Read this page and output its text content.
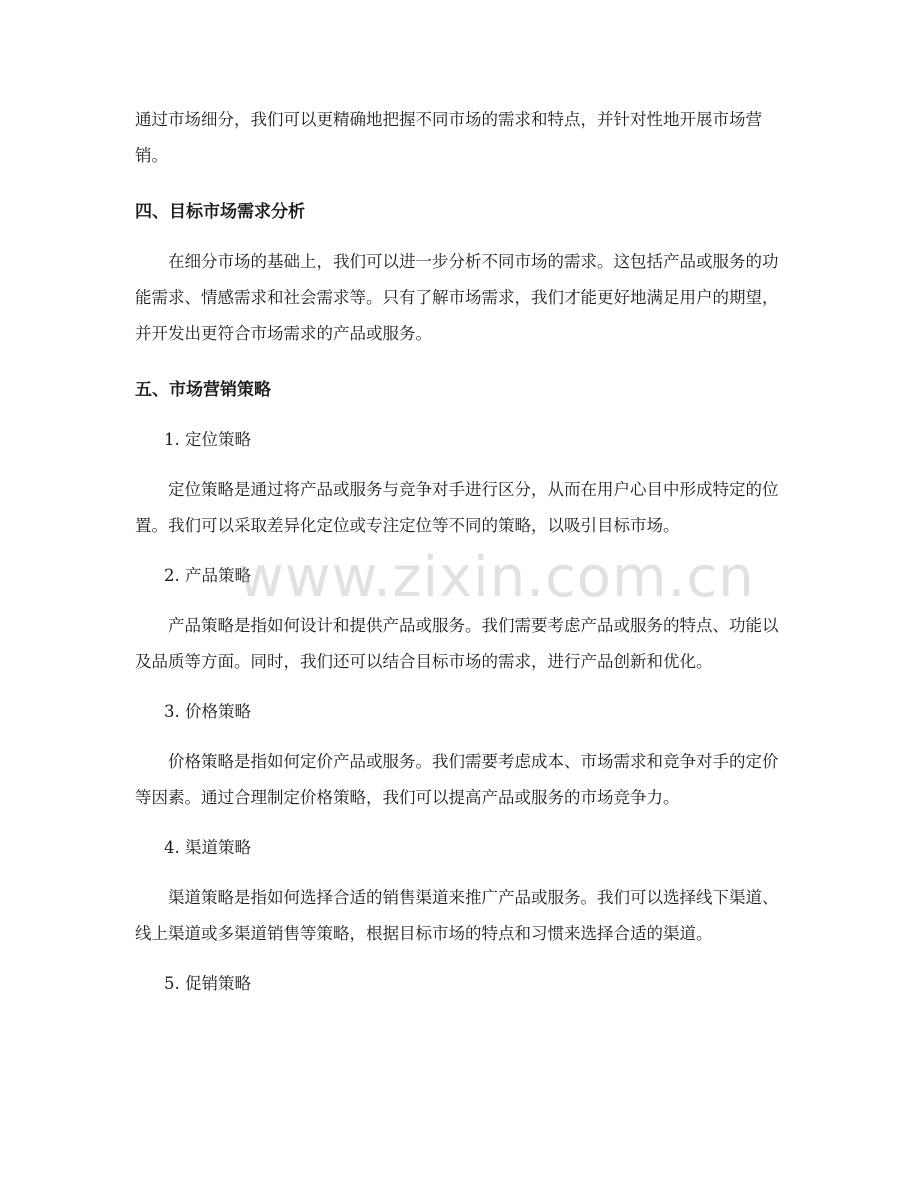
通过市场细分，我们可以更精确地把握不同市场的需求和特点，并针对性地开展市场营销。

四、目标市场需求分析

在细分市场的基础上，我们可以进一步分析不同市场的需求。这包括产品或服务的功能需求、情感需求和社会需求等。只有了解市场需求，我们才能更好地满足用户的期望，并开发出更符合市场需求的产品或服务。

五、市场营销策略

1. 定位策略

定位策略是通过将产品或服务与竞争对手进行区分，从而在用户心目中形成特定的位置。我们可以采取差异化定位或专注定位等不同的策略，以吸引目标市场。

2. 产品策略

产品策略是指如何设计和提供产品或服务。我们需要考虑产品或服务的特点、功能以及品质等方面。同时，我们还可以结合目标市场的需求，进行产品创新和优化。

3. 价格策略

价格策略是指如何定价产品或服务。我们需要考虑成本、市场需求和竞争对手的定价等因素。通过合理制定价格策略，我们可以提高产品或服务的市场竞争力。

4. 渠道策略

渠道策略是指如何选择合适的销售渠道来推广产品或服务。我们可以选择线下渠道、线上渠道或多渠道销售等策略，根据目标市场的特点和习惯来选择合适的渠道。

5. 促销策略

www.zixin.com.cn
